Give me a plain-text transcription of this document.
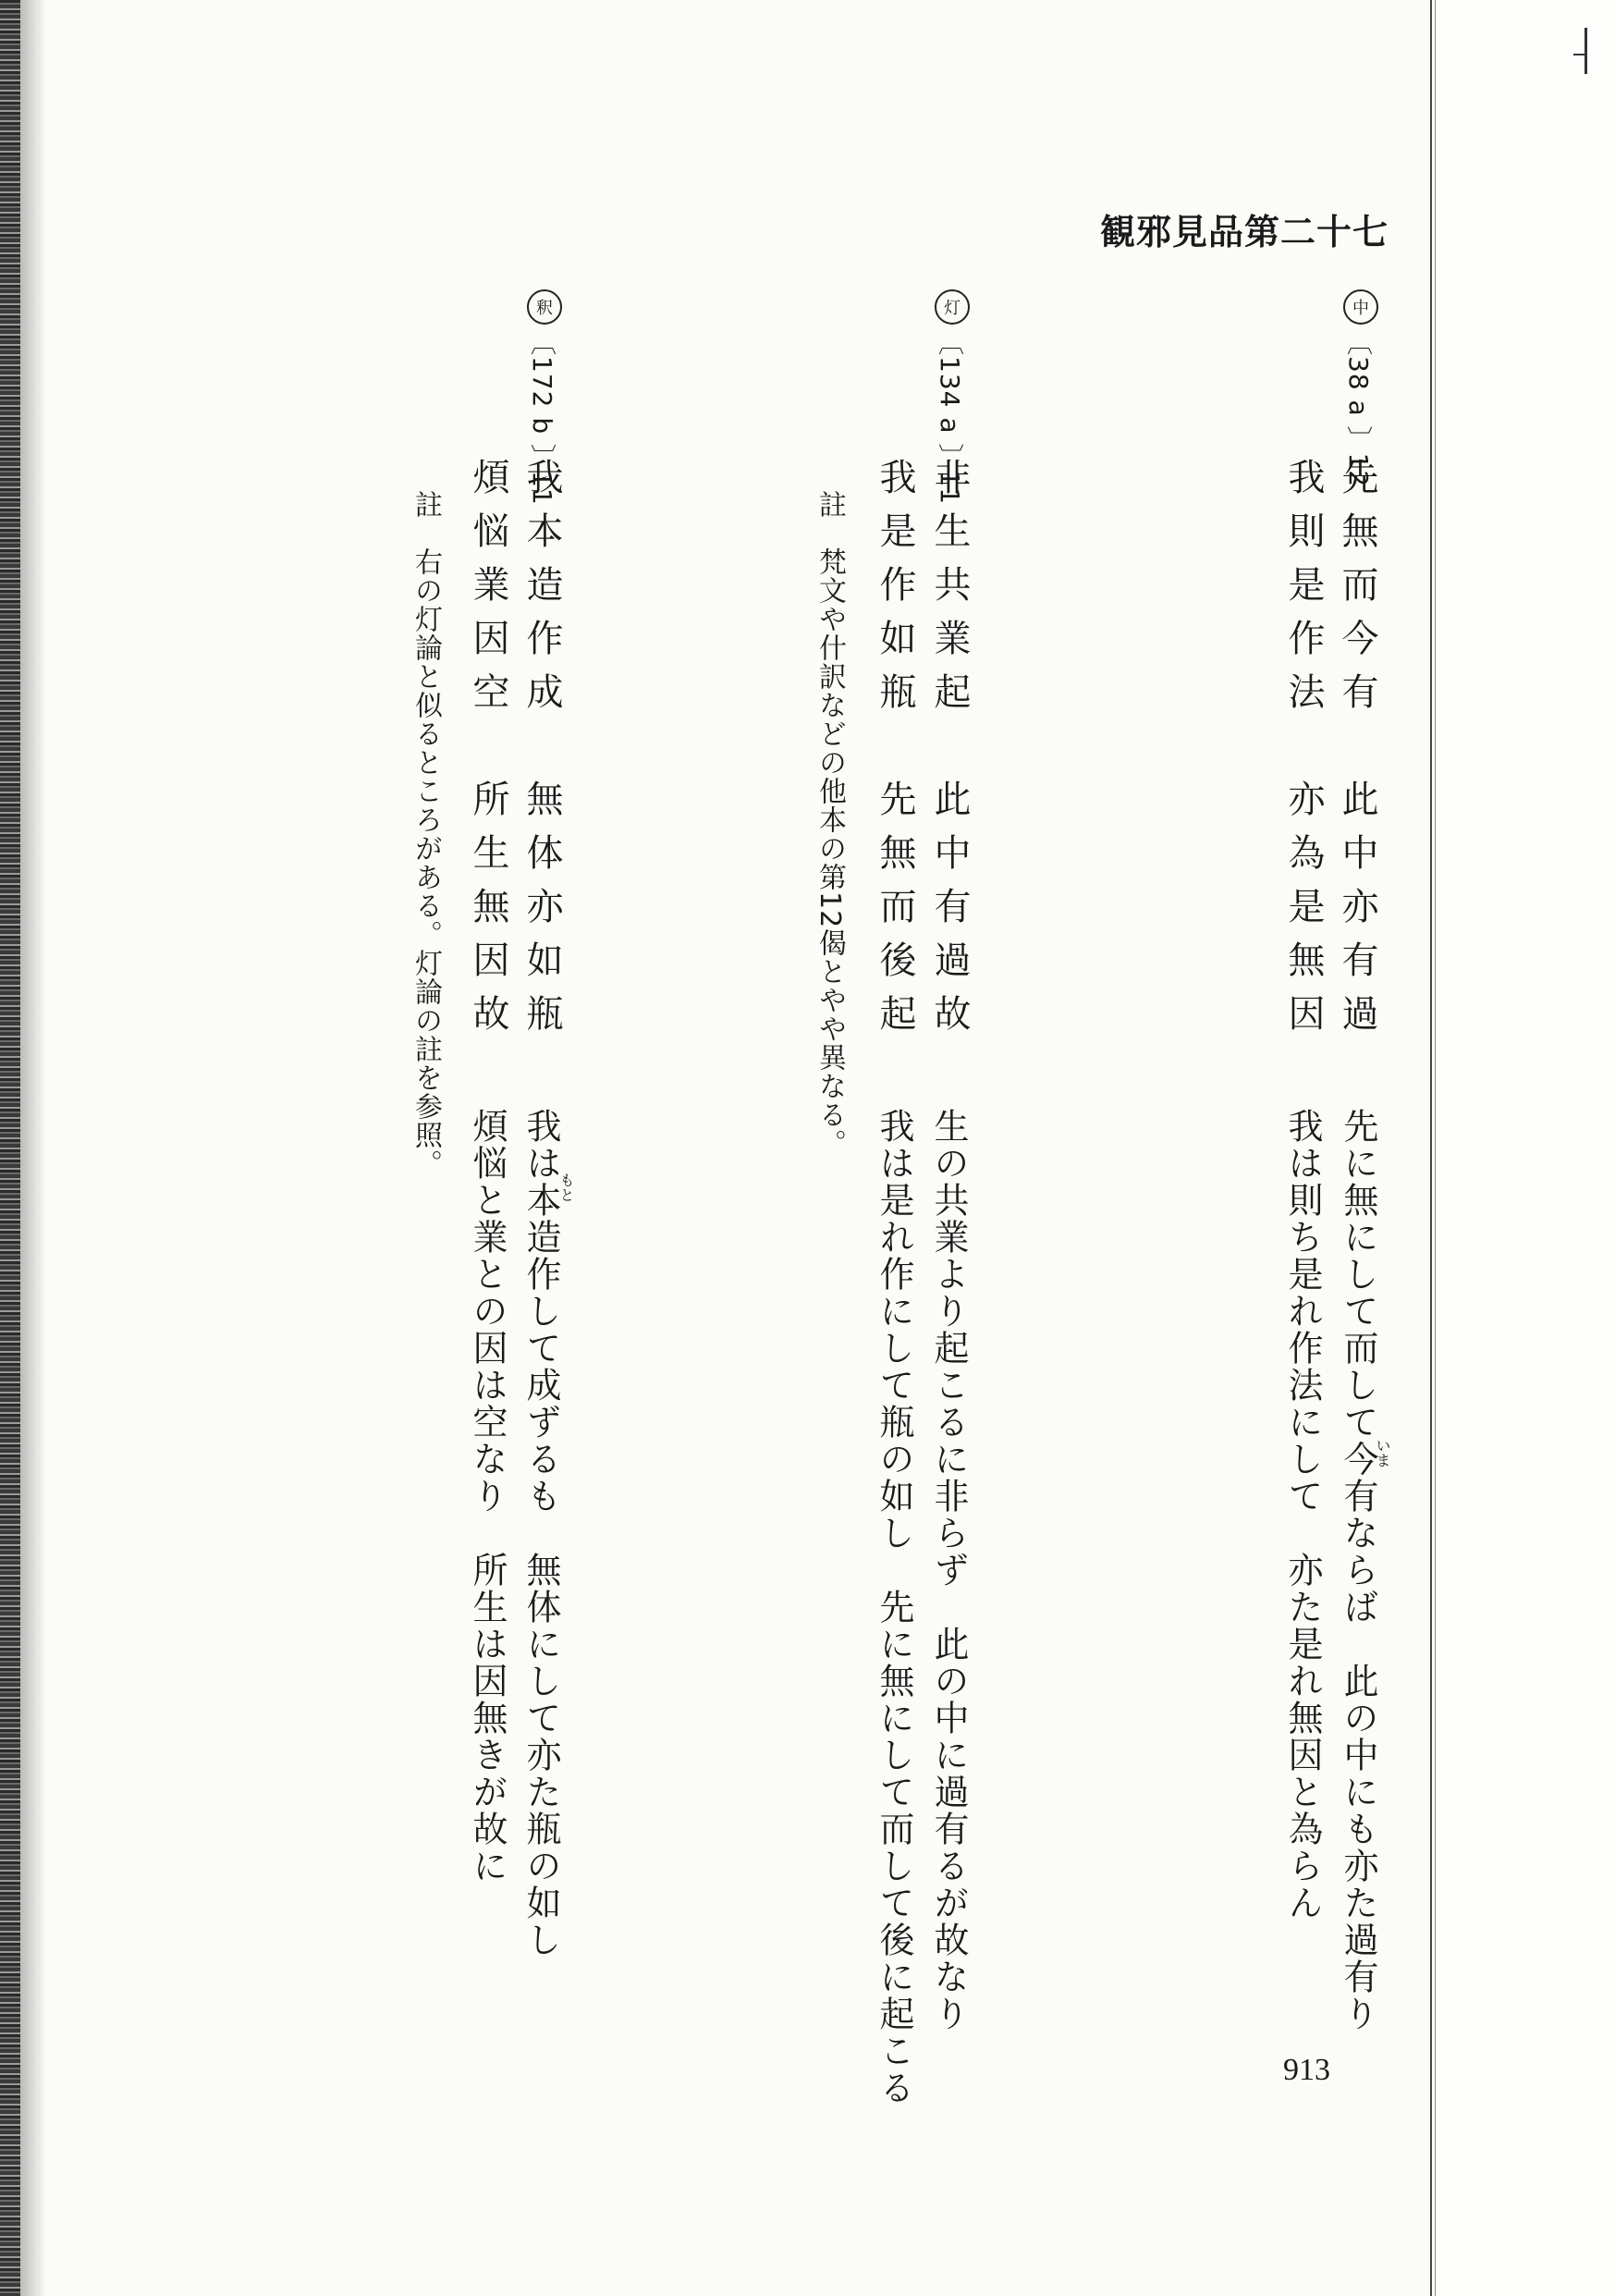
観邪見品第二十七
中
〔38 a 〕12
先無而今有　此中亦有過
我則是作法　亦為是無因
先に無にして而して今有ならば　此の中にも亦た過有り
いま
我は則ち是れ作法にして　亦た是れ無因と為らん
灯
〔134 a 〕11
非生共業起　此中有過故
我是作如瓶　先無而後起
註　梵文や什訳などの他本の第12偈とやや異なる。
生の共業より起こるに非らず　此の中に過有るが故なり
我は是れ作にして瓶の如し　先に無にして而して後に起こる
釈
〔172 b 〕11
我本造作成　無体亦如瓶
煩悩業因空　所生無因故
註　右の灯論と似るところがある。灯論の註を参照。
我は本造作して成ずるも　無体にして亦た瓶の如し
もと
煩悩と業との因は空なり　所生は因無きが故に
913
